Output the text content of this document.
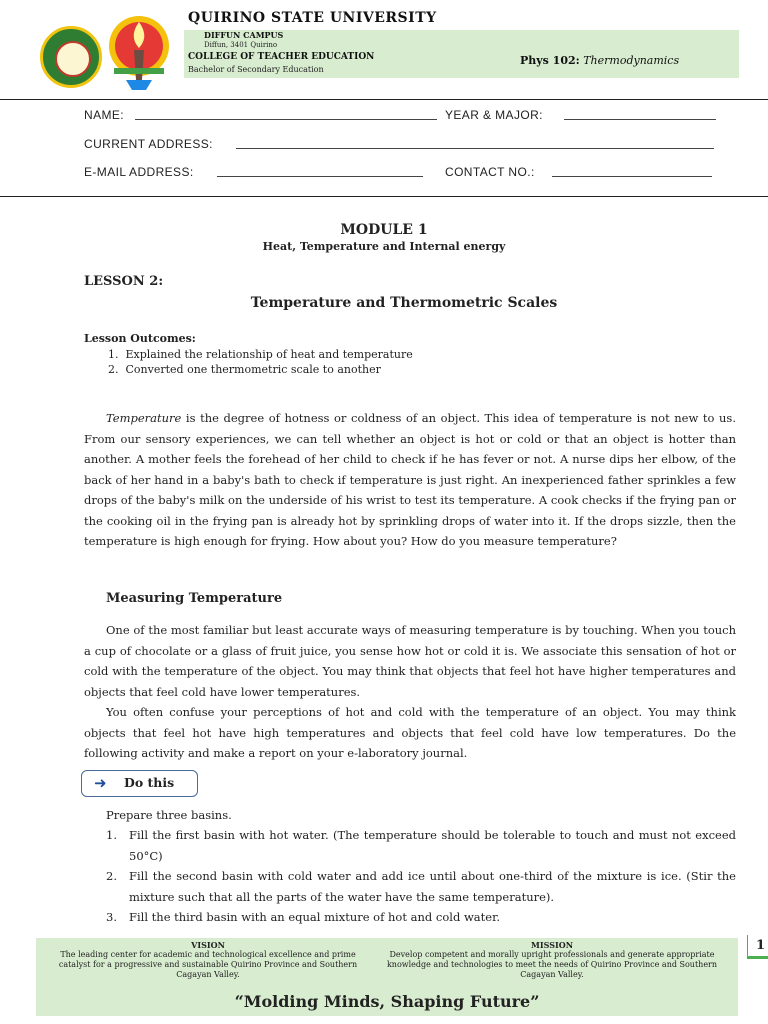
QUIRINO STATE UNIVERSITY
DIFFUN CAMPUS
Diffun, 3401 Quirino
COLLEGE OF TEACHER EDUCATION
Bachelor of Secondary Education
Phys 102: Thermodynamics
NAME:	YEAR & MAJOR:
CURRENT ADDRESS:
E-MAIL ADDRESS:	CONTACT NO.:
MODULE 1
Heat, Temperature and Internal energy
LESSON 2:
Temperature and Thermometric Scales
Lesson Outcomes:
1. Explained the relationship of heat and temperature
2. Converted one thermometric scale to another
Temperature is the degree of hotness or coldness of an object. This idea of temperature is not new to us. From our sensory experiences, we can tell whether an object is hot or cold or that an object is hotter than another. A mother feels the forehead of her child to check if he has fever or not. A nurse dips her elbow, of the back of her hand in a baby's bath to check if temperature is just right. An inexperienced father sprinkles a few drops of the baby's milk on the underside of his wrist to test its temperature. A cook checks if the frying pan or the cooking oil in the frying pan is already hot by sprinkling drops of water into it. If the drops sizzle, then the temperature is high enough for frying. How about you? How do you measure temperature?
Measuring Temperature
One of the most familiar but least accurate ways of measuring temperature is by touching. When you touch a cup of chocolate or a glass of fruit juice, you sense how hot or cold it is. We associate this sensation of hot or cold with the temperature of the object. You may think that objects that feel hot have higher temperatures and objects that feel cold have lower temperatures.
You often confuse your perceptions of hot and cold with the temperature of an object. You may think objects that feel hot have high temperatures and objects that feel cold have low temperatures. Do the following activity and make a report on your e-laboratory journal.
➜ Do this
Prepare three basins.
1. Fill the first basin with hot water. (The temperature should be tolerable to touch and must not exceed 50°C)
2. Fill the second basin with cold water and add ice until about one-third of the mixture is ice. (Stir the mixture such that all the parts of the water have the same temperature).
3. Fill the third basin with an equal mixture of hot and cold water.
VISION
The leading center for academic and technological excellence and prime catalyst for a progressive and sustainable Quirino Province and Southern Cagayan Valley.
MISSION
Develop competent and morally upright professionals and generate appropriate knowledge and technologies to meet the needs of Quirino Province and Southern Cagayan Valley.
“Molding Minds, Shaping Future”
1
